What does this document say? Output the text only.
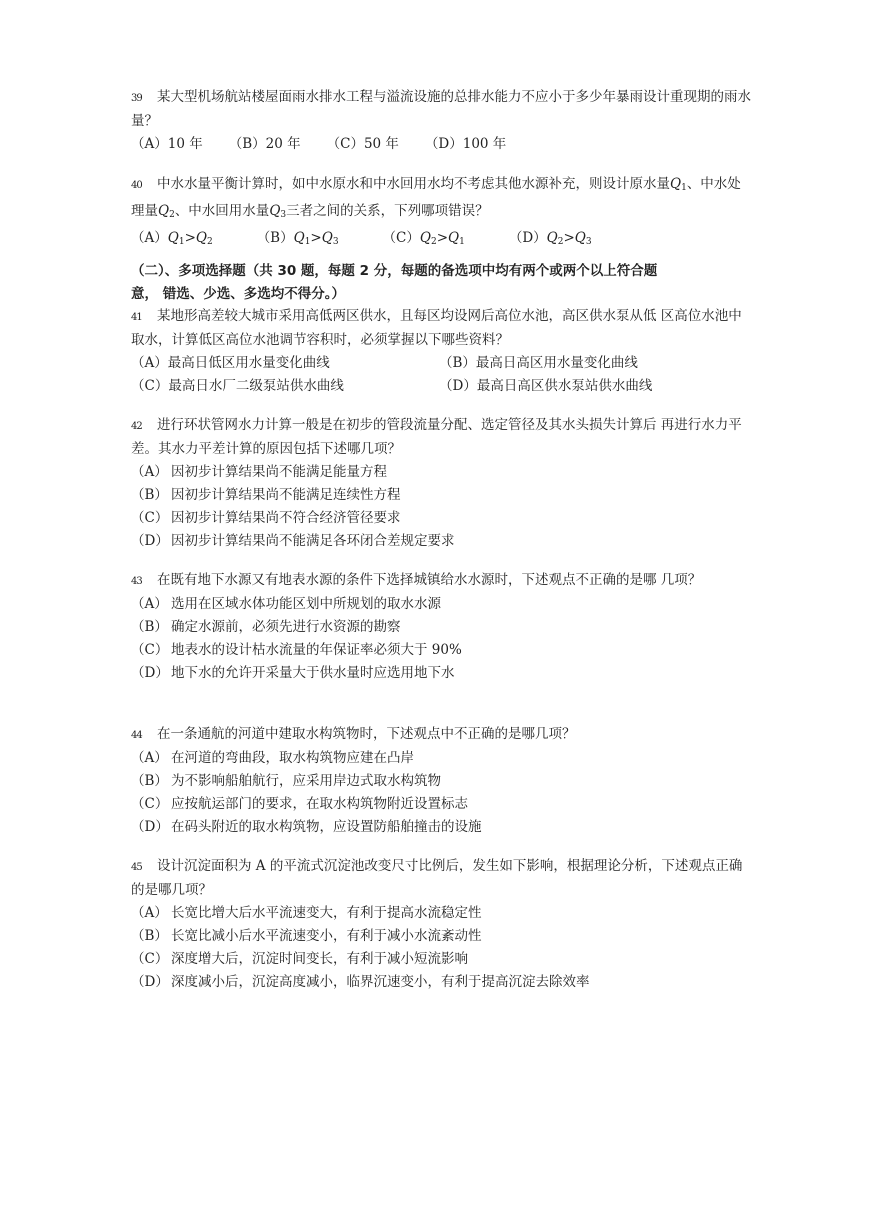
39 某大型机场航站楼屋面雨水排水工程与溢流设施的总排水能力不应小于多少年暴雨设计重现期的雨水量？

（A）10 年 （B）20 年 （C）50 年 （D）100 年

40 中水水量平衡计算时，如中水原水和中水回用水均不考虑其他水源补充，则设计原水量$Q_1$、中水处理量$Q_2$、中水回用水量$Q_3$三者之间的关系，下列哪项错误？

$(A)Q_1>Q_2$	$(B)Q_1>Q_3$	$(C)Q_2>Q_1$	$(D)Q_2>Q_3$

（二）、多项选择题（共 30 题，每题 2 分，每题的备选项中均有两个或两个以上符合题
意， 错选、少选、多选均不得分。）

41 某地形高差较大城市采用高低两区供水，且每区均设网后高位水池，高区供水泵从低 区高位水池中取水，计算低区高位水池调节容积时，必须掌握以下哪些资料？

（A）最高日低区用水量变化曲线	（B）最高日高区用水量变化曲线
（C）最高日水厂二级泵站供水曲线	（D）最高日高区供水泵站供水曲线

42 进行环状管网水力计算一般是在初步的管段流量分配、选定管径及其水头损失计算后 再进行水力平差。其水力平差计算的原因包括下述哪几项？

（A） 因初步计算结果尚不能满足能量方程
（B） 因初步计算结果尚不能满足连续性方程
（C） 因初步计算结果尚不符合经济管径要求
（D） 因初步计算结果尚不能满足各环闭合差规定要求

43 在既有地下水源又有地表水源的条件下选择城镇给水水源时，下述观点不正确的是哪 几项？

（A） 选用在区域水体功能区划中所规划的取水水源
（B） 确定水源前，必须先进行水资源的勘察
（C） 地表水的设计枯水流量的年保证率必须大于 90%
（D） 地下水的允许开采量大于供水量时应选用地下水

44 在一条通航的河道中建取水构筑物时，下述观点中不正确的是哪几项？

（A） 在河道的弯曲段，取水构筑物应建在凸岸
（B） 为不影响船舶航行，应采用岸边式取水构筑物
（C） 应按航运部门的要求，在取水构筑物附近设置标志
（D） 在码头附近的取水构筑物，应设置防船舶撞击的设施

45 设计沉淀面积为 A 的平流式沉淀池改变尺寸比例后，发生如下影响，根据理论分析，下述观点正确的是哪几项？

（A） 长宽比增大后水平流速变大，有利于提高水流稳定性
（B） 长宽比减小后水平流速变小，有利于减小水流紊动性
（C） 深度增大后，沉淀时间变长，有利于减小短流影响
（D） 深度减小后，沉淀高度减小，临界沉速变小，有利于提高沉淀去除效率
